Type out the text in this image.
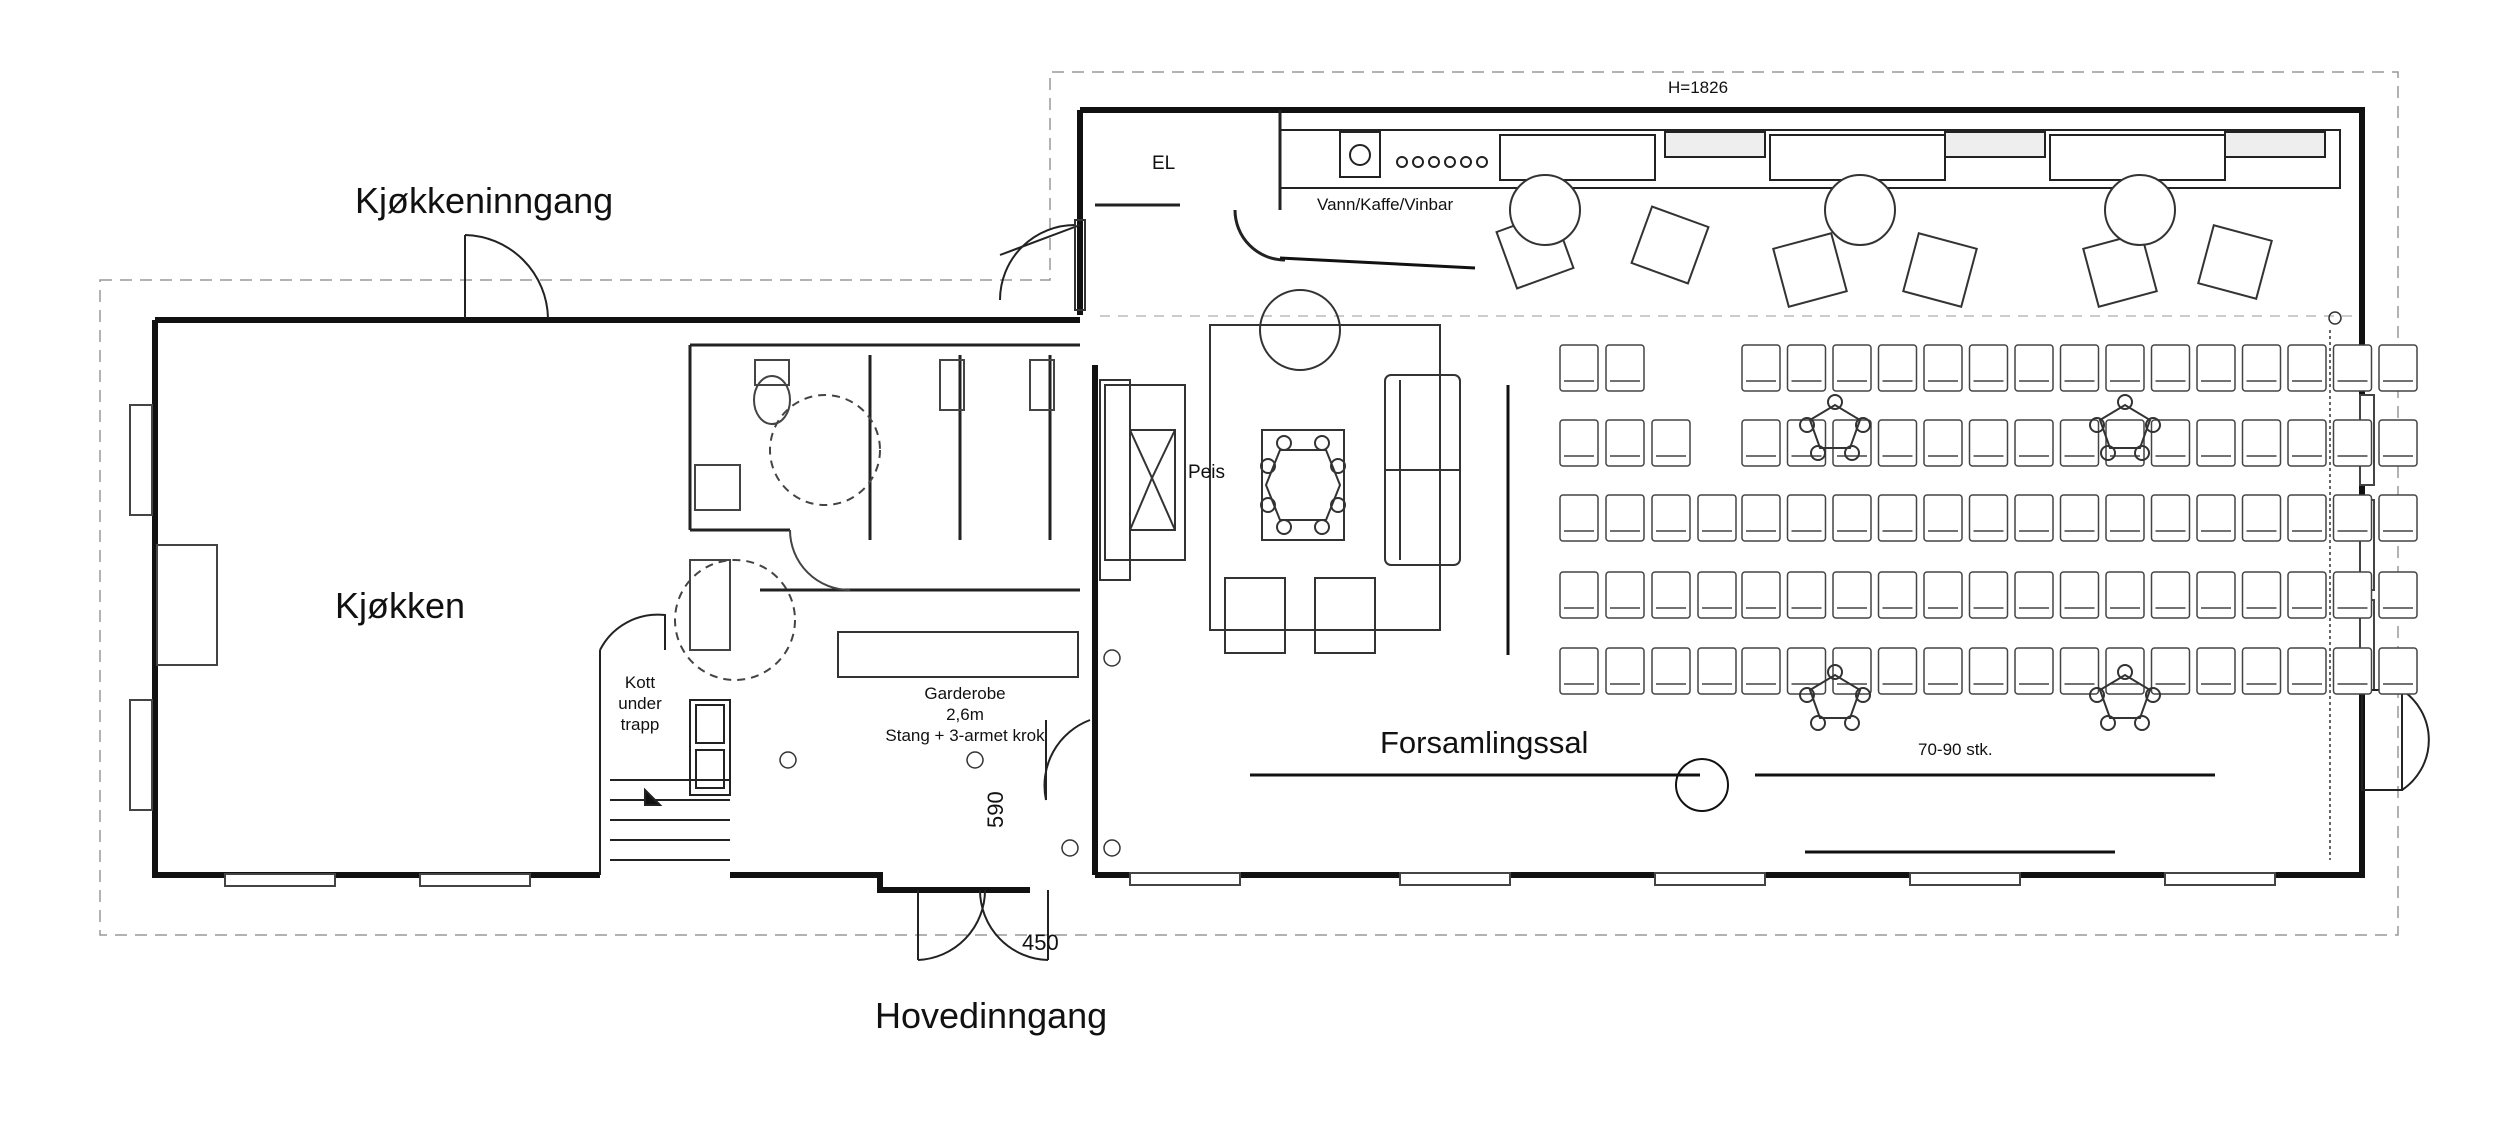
Kjøkkeninngang
Kjøkken
Hovedinngang
Forsamlingssal
Peis
EL
Vann/Kaffe/Vinbar
H=1826
70-90 stk.
Kott
under
trapp
Garderobe
2,6m
Stang + 3-armet krok
590
450
